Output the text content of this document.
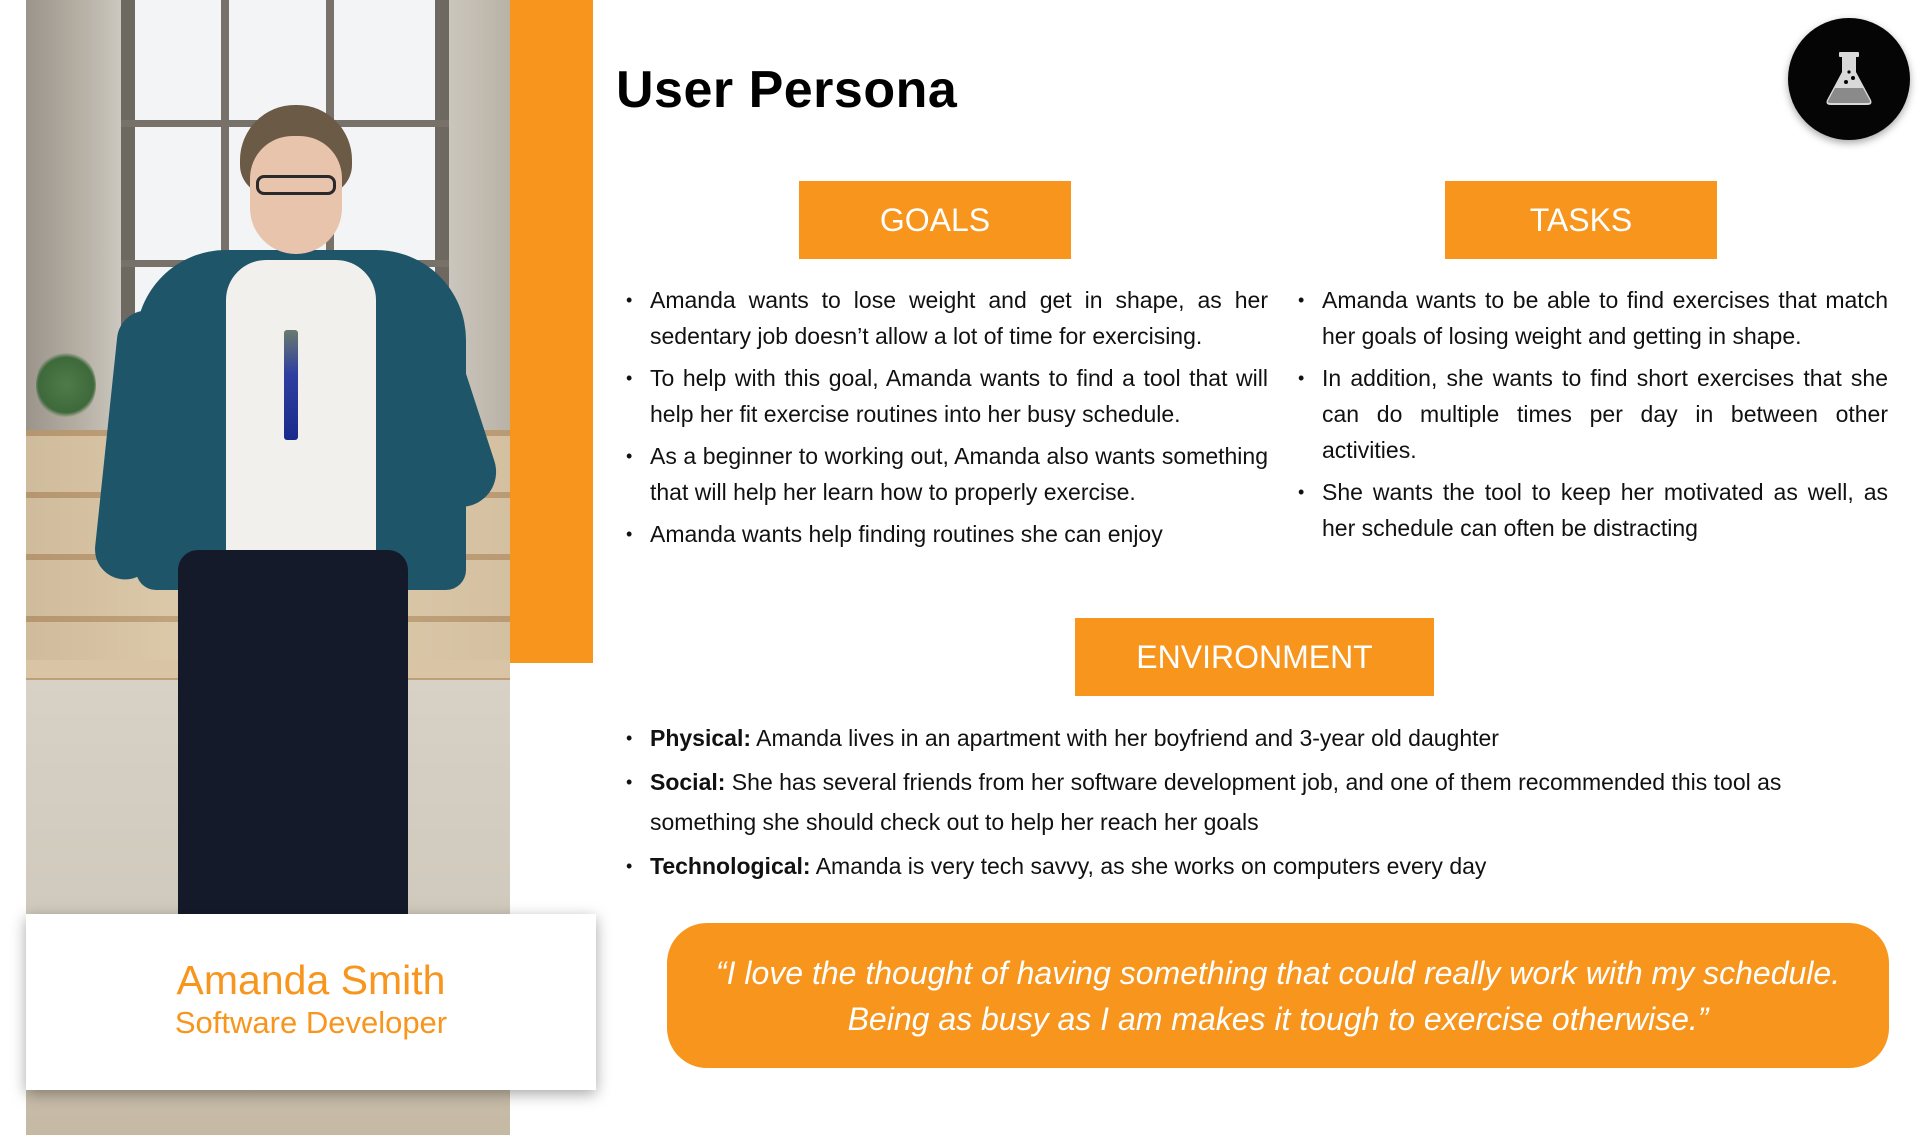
Amanda Smith
Software Developer
User Persona
GOALS
• Amanda wants to lose weight and get in shape, as her sedentary job doesn’t allow a lot of time for exercising.
• To help with this goal, Amanda wants to find a tool that will help her fit exercise routines into her busy schedule.
• As a beginner to working out, Amanda also wants something that will help her learn how to properly exercise.
• Amanda wants help finding routines she can enjoy
TASKS
• Amanda wants to be able to find exercises that match her goals of losing weight and getting in shape.
• In addition, she wants to find short exercises that she can do multiple times per day in between other activities.
• She wants the tool to keep her motivated as well, as her schedule can often be distracting
ENVIRONMENT
• Physical: Amanda lives in an apartment with her boyfriend and 3-year old daughter
• Social: She has several friends from her software development job, and one of them recommended this tool as something she should check out to help her reach her goals
• Technological: Amanda is very tech savvy, as she works on computers every day
“I love the thought of having something that could really work with my schedule.
Being as busy as I am makes it tough to exercise otherwise.”
